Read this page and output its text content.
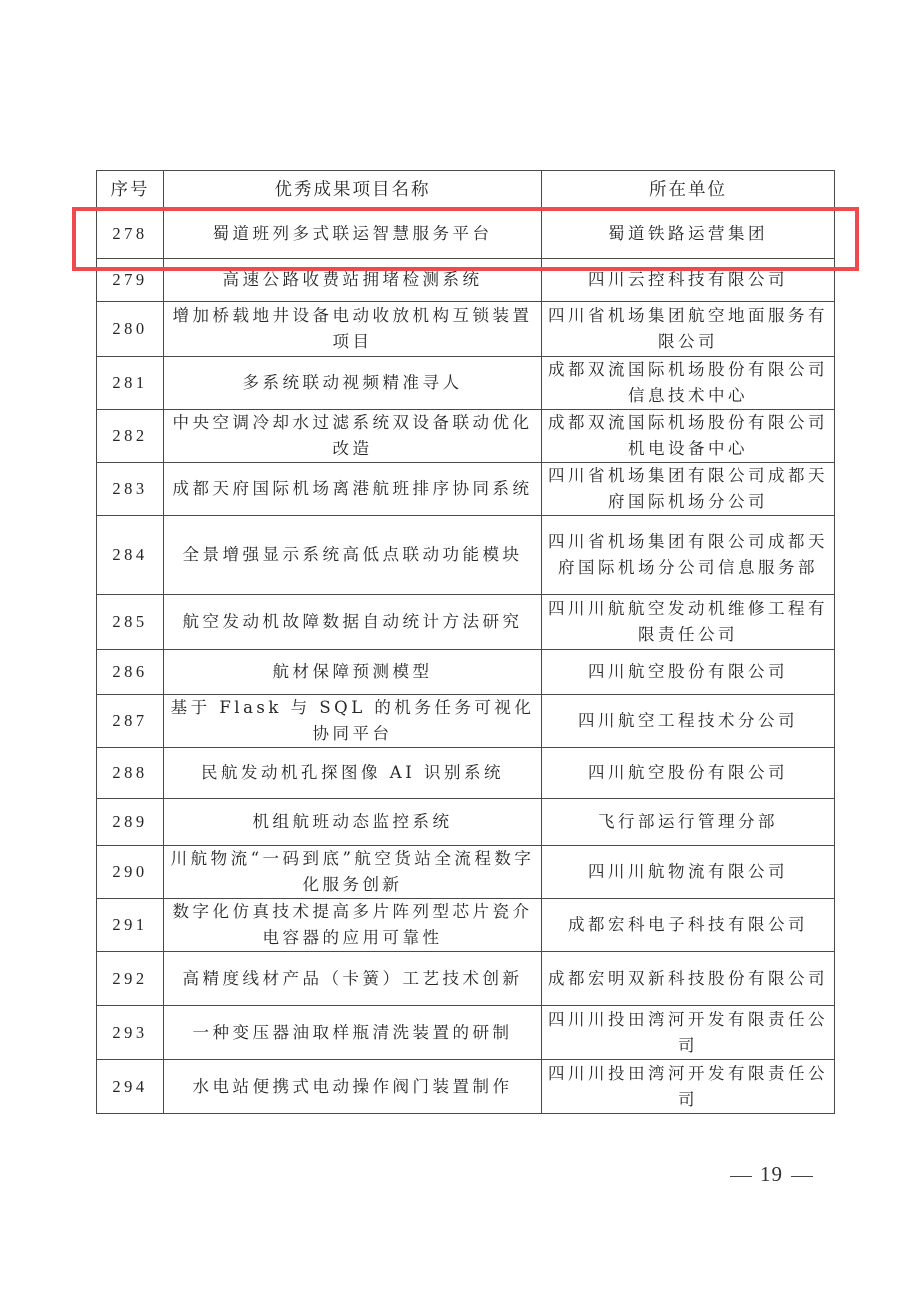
序号	优秀成果项目名称	所在单位
278	蜀道班列多式联运智慧服务平台	蜀道铁路运营集团
279	高速公路收费站拥堵检测系统	四川云控科技有限公司
280	增加桥载地井设备电动收放机构互锁装置项目	四川省机场集团航空地面服务有限公司
281	多系统联动视频精准寻人	成都双流国际机场股份有限公司信息技术中心
282	中央空调冷却水过滤系统双设备联动优化改造	成都双流国际机场股份有限公司机电设备中心
283	成都天府国际机场离港航班排序协同系统	四川省机场集团有限公司成都天府国际机场分公司
284	全景增强显示系统高低点联动功能模块	四川省机场集团有限公司成都天府国际机场分公司信息服务部
285	航空发动机故障数据自动统计方法研究	四川川航航空发动机维修工程有限责任公司
286	航材保障预测模型	四川航空股份有限公司
287	基于 Flask 与 SQL 的机务任务可视化协同平台	四川航空工程技术分公司
288	民航发动机孔探图像 AI 识别系统	四川航空股份有限公司
289	机组航班动态监控系统	飞行部运行管理分部
290	川航物流“一码到底”航空货站全流程数字化服务创新	四川川航物流有限公司
291	数字化仿真技术提高多片阵列型芯片瓷介电容器的应用可靠性	成都宏科电子科技有限公司
292	高精度线材产品（卡簧）工艺技术创新	成都宏明双新科技股份有限公司
293	一种变压器油取样瓶清洗装置的研制	四川川投田湾河开发有限责任公司
294	水电站便携式电动操作阀门装置制作	四川川投田湾河开发有限责任公司
19
